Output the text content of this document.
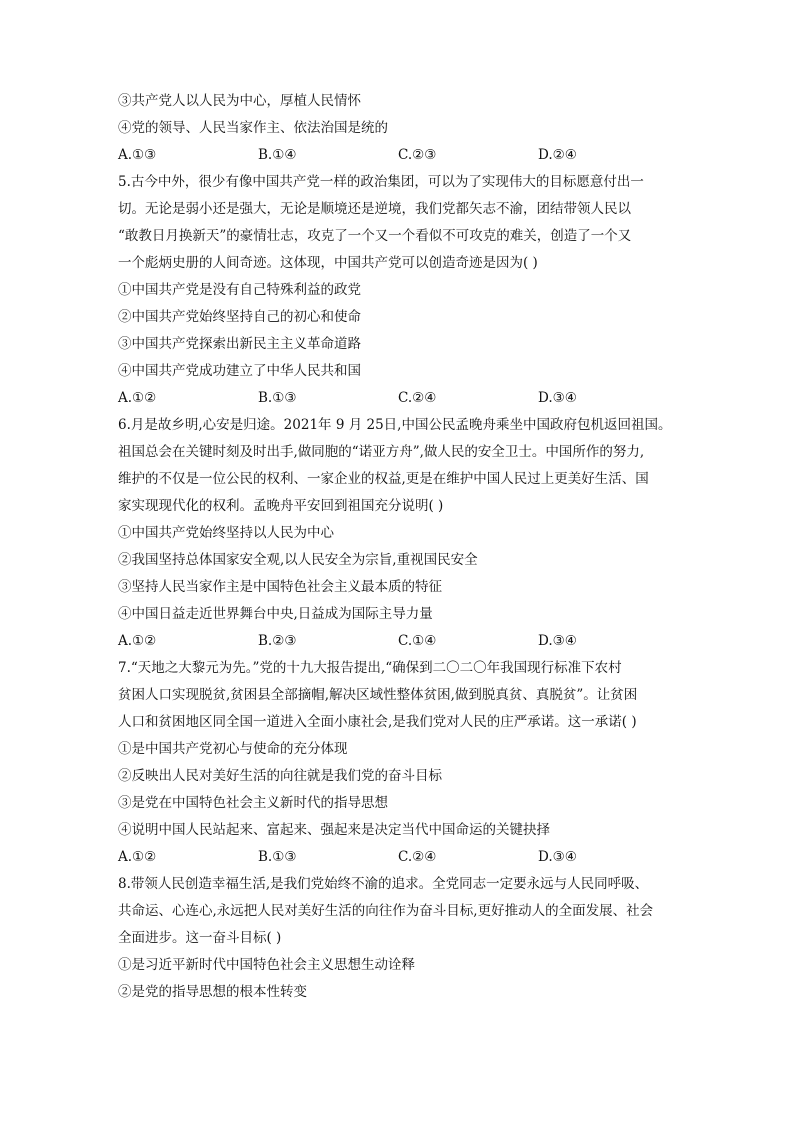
③共产党人以人民为中心，厚植人民情怀
④党的领导、人民当家作主、依法治国是统的
A.①③	B.①④	C.②③	D.②④
5.古今中外，很少有像中国共产党一样的政治集团，可以为了实现伟大的目标愿意付出一
切。无论是弱小还是强大，无论是顺境还是逆境，我们党都矢志不渝，团结带领人民以
“敢教日月换新天”的豪情壮志，攻克了一个又一个看似不可攻克的难关，创造了一个又
一个彪炳史册的人间奇迹。这体现，中国共产党可以创造奇迹是因为( )
①中国共产党是没有自己特殊利益的政党
②中国共产党始终坚持自己的初心和使命
③中国共产党探索出新民主主义革命道路
④中国共产党成功建立了中华人民共和国
A.①②	B.①③	C.②④	D.③④
6.月是故乡明,心安是归途。2021年 9 月 25日,中国公民孟晚舟乘坐中国政府包机返回祖国。
祖国总会在关键时刻及时出手,做同胞的“诺亚方舟”,做人民的安全卫士。中国所作的努力,
维护的不仅是一位公民的权利、一家企业的权益,更是在维护中国人民过上更美好生活、国
家实现现代化的权利。孟晚舟平安回到祖国充分说明( )
①中国共产党始终坚持以人民为中心
②我国坚持总体国家安全观,以人民安全为宗旨,重视国民安全
③坚持人民当家作主是中国特色社会主义最本质的特征
④中国日益走近世界舞台中央,日益成为国际主导力量
A.①②	B.②③	C.①④	D.③④
7.“天地之大黎元为先。”党的十九大报告提出,“确保到二〇二〇年我国现行标准下农村
贫困人口实现脱贫,贫困县全部摘帽,解决区域性整体贫困,做到脱真贫、真脱贫”。让贫困
人口和贫困地区同全国一道进入全面小康社会,是我们党对人民的庄严承诺。这一承诺( )
①是中国共产党初心与使命的充分体现
②反映出人民对美好生活的向往就是我们党的奋斗目标
③是党在中国特色社会主义新时代的指导思想
④说明中国人民站起来、富起来、强起来是决定当代中国命运的关键抉择
A.①②	B.①③	C.②④	D.③④
8.带领人民创造幸福生活,是我们党始终不渝的追求。全党同志一定要永远与人民同呼吸、
共命运、心连心,永远把人民对美好生活的向往作为奋斗目标,更好推动人的全面发展、社会
全面进步。这一奋斗目标( )
①是习近平新时代中国特色社会主义思想生动诠释
②是党的指导思想的根本性转变
